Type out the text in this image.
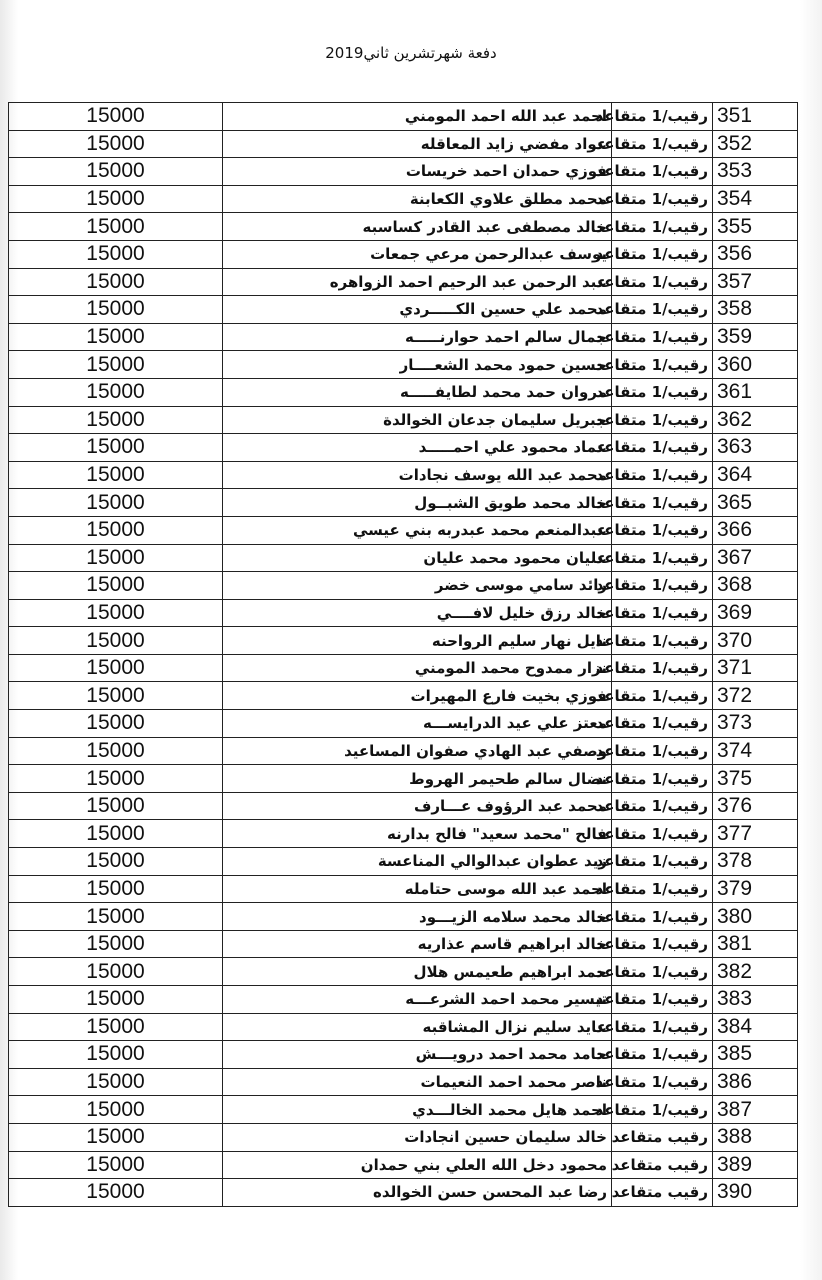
دفعة شهرتشرين ثاني2019
351	رقيب/1 متقاعد	احمد عبد الله احمد المومني	15000
352	رقيب/1 متقاعد	عواد مفضي زايد المعاقله	15000
353	رقيب/1 متقاعد	فوزي حمدان احمد خريسات	15000
354	رقيب/1 متقاعد	محمد مطلق علاوي الكعابنة	15000
355	رقيب/1 متقاعد	خالد مصطفى عبد القادر كساسبه	15000
356	رقيب/1 متقاعد	يوسف عبدالرحمن مرعي جمعات	15000
357	رقيب/1 متقاعد	عبد الرحمن عبد الرحيم احمد الزواهره	15000
358	رقيب/1 متقاعد	محمد علي حسين الكـــــردي	15000
359	رقيب/1 متقاعد	جمال سالم احمد حوارنـــــه	15000
360	رقيب/1 متقاعد	حسين حمود محمد الشعــــار	15000
361	رقيب/1 متقاعد	مروان حمد محمد لطايفـــــه	15000
362	رقيب/1 متقاعد	جبريل سليمان جدعان الخوالدة	15000
363	رقيب/1 متقاعد	عماد محمود علي احمـــــد	15000
364	رقيب/1 متقاعد	محمد عبد الله يوسف نجادات	15000
365	رقيب/1 متقاعد	خالد محمد طويق الشبــول	15000
366	رقيب/1 متقاعد	عبدالمنعم محمد عبدربه بني عيسي	15000
367	رقيب/1 متقاعد	عليان محمود محمد عليان	15000
368	رقيب/1 متقاعد	رائد سامي موسى خضر	15000
369	رقيب/1 متقاعد	خالد رزق خليل لافــــي	15000
370	رقيب/1 متقاعد	نايل نهار سليم الرواحنه	15000
371	رقيب/1 متقاعد	نزار ممدوح محمد المومني	15000
372	رقيب/1 متقاعد	فوزي بخيت فارع المهيرات	15000
373	رقيب/1 متقاعد	معتز علي عيد الدرايســـه	15000
374	رقيب/1 متقاعد	وصفي عبد الهادي صفوان المساعيد	15000
375	رقيب/1 متقاعد	نضال سالم طحيمر الهروط	15000
376	رقيب/1 متقاعد	محمد عبد الرؤوف عـــارف	15000
377	رقيب/1 متقاعد	فالح "محمد سعيد" فالح بدارنه	15000
378	رقيب/1 متقاعد	زيد عطوان عبدالوالي المناعسة	15000
379	رقيب/1 متقاعد	احمد عبد الله موسى حتامله	15000
380	رقيب/1 متقاعد	خالد محمد سلامه الزيـــود	15000
381	رقيب/1 متقاعد	خالد ابراهيم قاسم عذاريه	15000
382	رقيب/1 متقاعد	حمد ابراهيم طعيمس هلال	15000
383	رقيب/1 متقاعد	تيسير محمد احمد الشرعـــه	15000
384	رقيب/1 متقاعد	عايد سليم نزال المشاقبه	15000
385	رقيب/1 متقاعد	حامد محمد احمد درويـــش	15000
386	رقيب/1 متقاعد	ناصر محمد احمد النعيمات	15000
387	رقيب/1 متقاعد	احمد هايل محمد الخالـــدي	15000
388	رقيب متقاعد	خالد سليمان حسين انجادات	15000
389	رقيب متقاعد	محمود دخل الله العلي بني حمدان	15000
390	رقيب متقاعد	رضا عبد المحسن حسن الخوالده	15000
